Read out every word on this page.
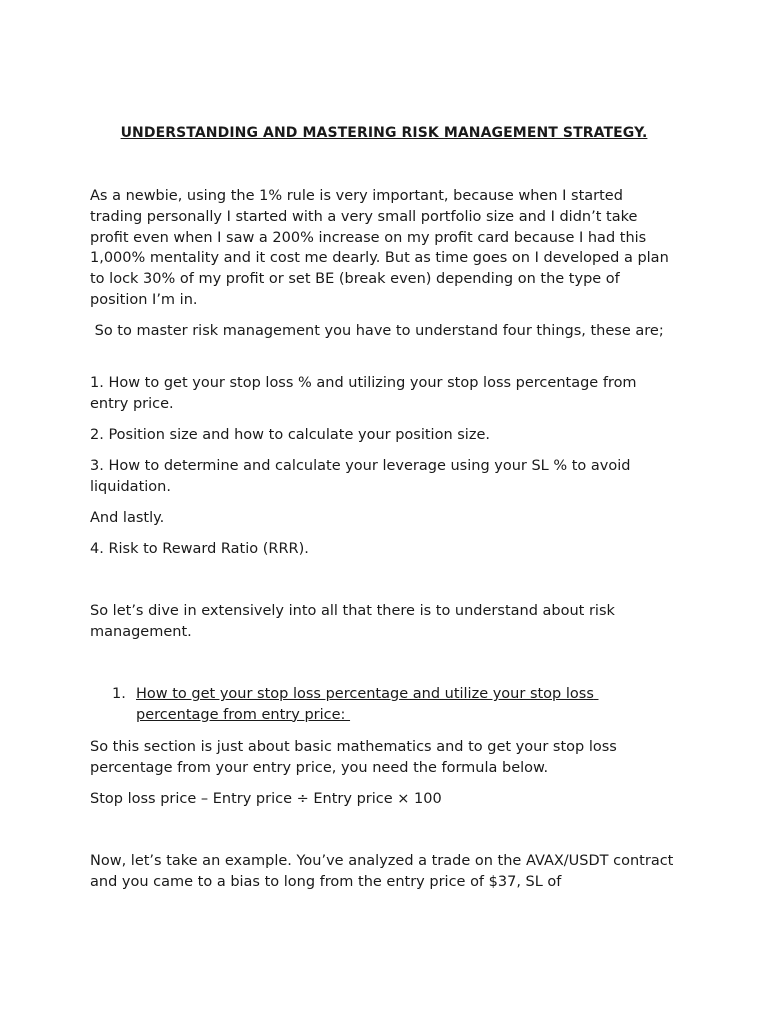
UNDERSTANDING AND MASTERING RISK MANAGEMENT STRATEGY.

As a newbie, using the 1% rule is very important, because when I started trading personally I started with a very small portfolio size and I didn’t take profit even when I saw a 200% increase on my profit card because I had this 1,000% mentality and it cost me dearly. But as time goes on I developed a plan to lock 30% of my profit or set BE (break even) depending on the type of position I’m in.

So to master risk management you have to understand four things, these are;

1. How to get your stop loss % and utilizing your stop loss percentage from entry price.

2. Position size and how to calculate your position size.

3. How to determine and calculate your leverage using your SL % to avoid liquidation.

And lastly.

4. Risk to Reward Ratio (RRR).

So let’s dive in extensively into all that there is to understand about risk management.

1. How to get your stop loss percentage and utilize your stop loss percentage from entry price:

So this section is just about basic mathematics and to get your stop loss percentage from your entry price, you need the formula below.

Stop loss price – Entry price ÷ Entry price × 100

Now, let’s take an example. You’ve analyzed a trade on the AVAX/USDT contract and you came to a bias to long from the entry price of $37, SL of
